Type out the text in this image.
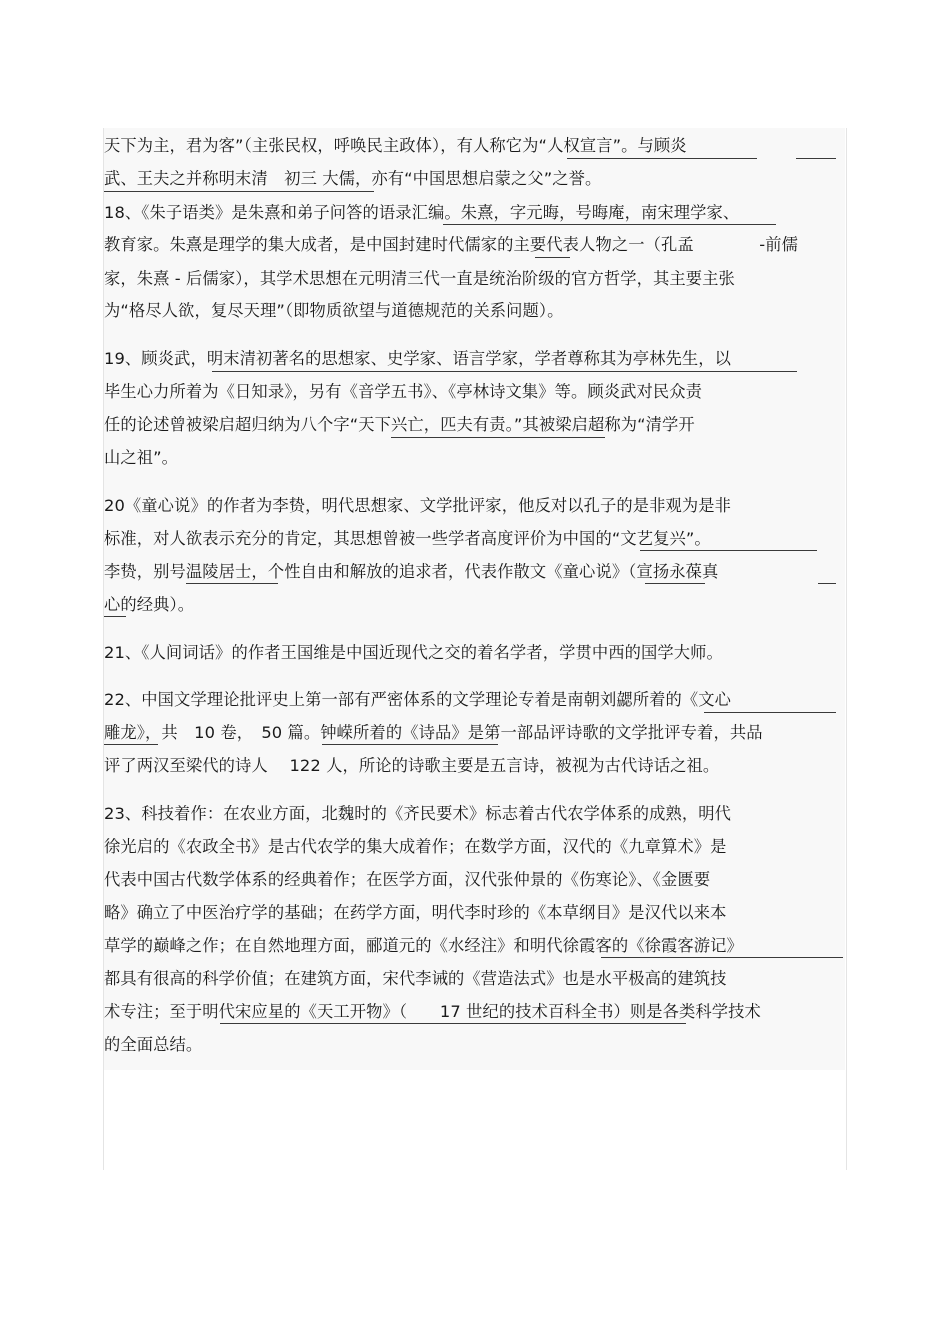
天下为主，君为客”（主张民权，呼唤民主政体），有人称它为“人权宣言”。与顾炎

武、王夫之并称明末清　初三 大儒，亦有“中国思想启蒙之父”之誉。

18、《朱子语类》是朱熹和弟子问答的语录汇编。朱熹，字元晦，号晦庵，南宋理学家、

教育家。朱熹是理学的集大成者，是中国封建时代儒家的主要代表人物之一（孔孟　　　　-前儒

家，朱熹 - 后儒家），其学术思想在元明清三代一直是统治阶级的官方哲学，其主要主张

为“格尽人欲，复尽天理”（即物质欲望与道德规范的关系问题）。

19、顾炎武，明末清初著名的思想家、史学家、语言学家，学者尊称其为亭林先生，以

毕生心力所着为《日知录》，另有《音学五书》、《亭林诗文集》等。顾炎武对民众责

任的论述曾被梁启超归纳为八个字“天下兴亡，匹夫有责。”其被梁启超称为“清学开

山之祖”。

20《童心说》的作者为李贽，明代思想家、文学批评家，他反对以孔子的是非观为是非

标准，对人欲表示充分的肯定，其思想曾被一些学者高度评价为中国的“文艺复兴”。

李贽，别号温陵居士，个性自由和解放的追求者，代表作散文《童心说》（宣扬永葆真

心的经典）。

21、《人间词话》的作者王国维是中国近现代之交的着名学者，学贯中西的国学大师。

22、中国文学理论批评史上第一部有严密体系的文学理论专着是南朝刘勰所着的《文心

雕龙》，共　10 卷，　50 篇。钟嵘所着的《诗品》是第一部品评诗歌的文学批评专着，共品

评了两汉至梁代的诗人　 122 人，所论的诗歌主要是五言诗，被视为古代诗话之祖。

23、科技着作：在农业方面，北魏时的《齐民要术》标志着古代农学体系的成熟，明代

徐光启的《农政全书》是古代农学的集大成着作；在数学方面，汉代的《九章算术》是

代表中国古代数学体系的经典着作；在医学方面，汉代张仲景的《伤寒论》、《金匮要

略》确立了中医治疗学的基础；在药学方面，明代李时珍的《本草纲目》是汉代以来本

草学的巅峰之作；在自然地理方面，郦道元的《水经注》和明代徐霞客的《徐霞客游记》

都具有很高的科学价值；在建筑方面，宋代李诫的《营造法式》也是水平极高的建筑技

术专注；至于明代宋应星的《天工开物》（　　17 世纪的技术百科全书）则是各类科学技术

的全面总结。
